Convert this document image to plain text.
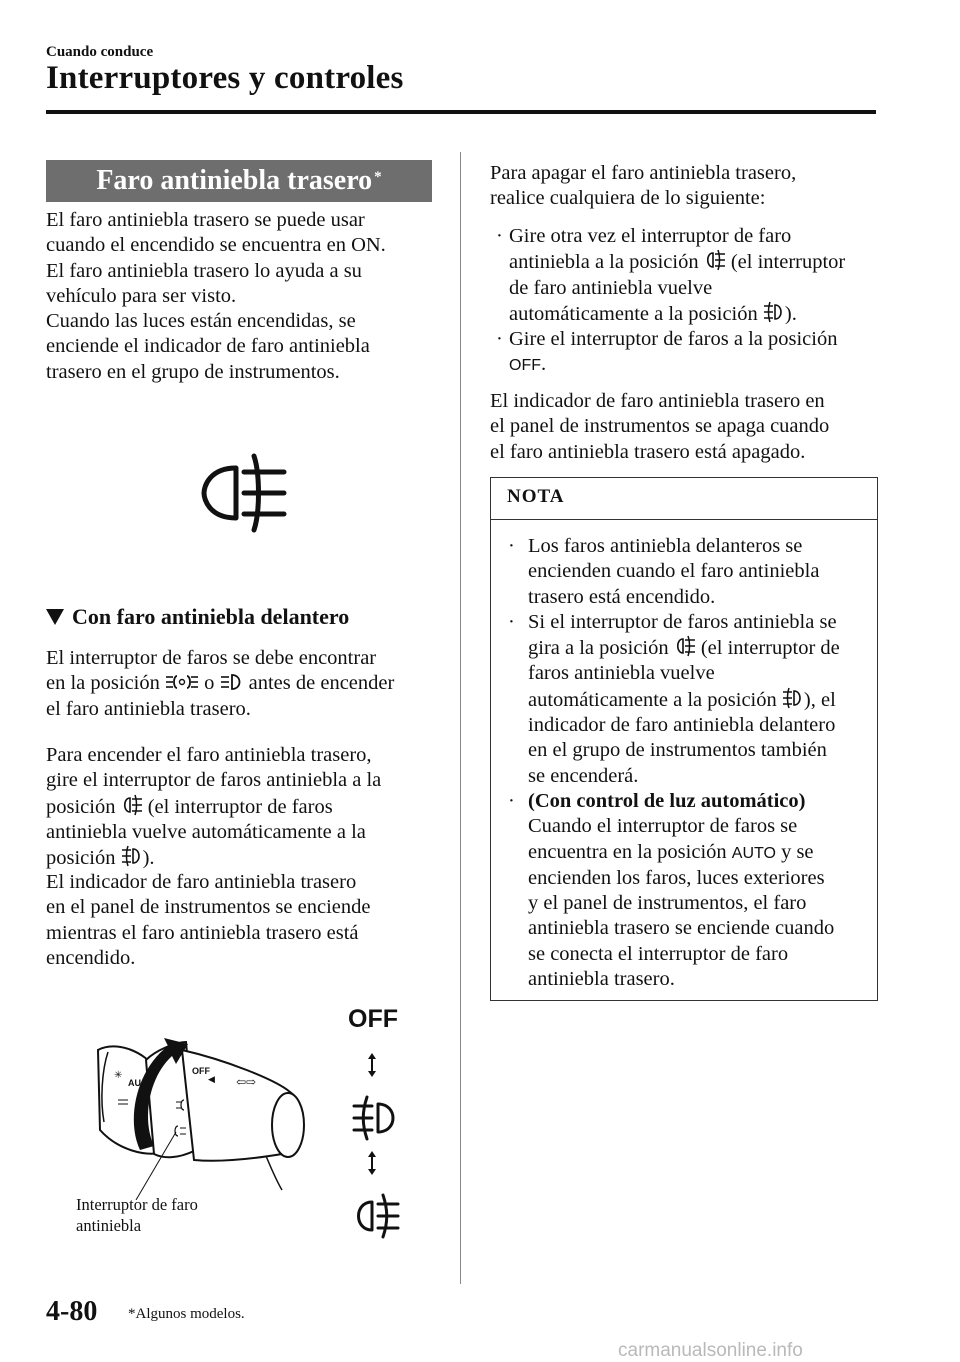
Cuando conduce
Interruptores y controles
Faro antiniebla trasero*
El faro antiniebla trasero se puede usar
cuando el encendido se encuentra en ON.
El faro antiniebla trasero lo ayuda a su
vehículo para ser visto.
Cuando las luces están encendidas, se
enciende el indicador de faro antiniebla
trasero en el grupo de instrumentos.
Con faro antiniebla delantero
El interruptor de faros se debe encontrar
en la posición o antes de encender
el faro antiniebla trasero.
Para encender el faro antiniebla trasero,
gire el interruptor de faros antiniebla a la
posición (el interruptor de faros
antiniebla vuelve automáticamente a la
posición ).
El indicador de faro antiniebla trasero
en el panel de instrumentos se enciende
mientras el faro antiniebla trasero está
encendido.
✳
AU
OFF
◀ ⇦⇨
Interruptor de faro
antiniebla
OFF
Para apagar el faro antiniebla trasero,
realice cualquiera de lo siguiente:
· Gire otra vez el interruptor de faro
antiniebla a la posición (el interruptor
de faro antiniebla vuelve
automáticamente a la posición ).
· Gire el interruptor de faros a la posición
OFF.
El indicador de faro antiniebla trasero en
el panel de instrumentos se apaga cuando
el faro antiniebla trasero está apagado.
NOTA
· Los faros antiniebla delanteros se
encienden cuando el faro antiniebla
trasero está encendido.
· Si el interruptor de faros antiniebla se
gira a la posición (el interruptor de
faros antiniebla vuelve
automáticamente a la posición ), el
indicador de faro antiniebla delantero
en el grupo de instrumentos también
se encenderá.
· (Con control de luz automático)
Cuando el interruptor de faros se
encuentra en la posición AUTO y se
encienden los faros, luces exteriores
y el panel de instrumentos, el faro
antiniebla trasero se enciende cuando
se conecta el interruptor de faro
antiniebla trasero.
4-80 *Algunos modelos.
carmanualsonline.info
